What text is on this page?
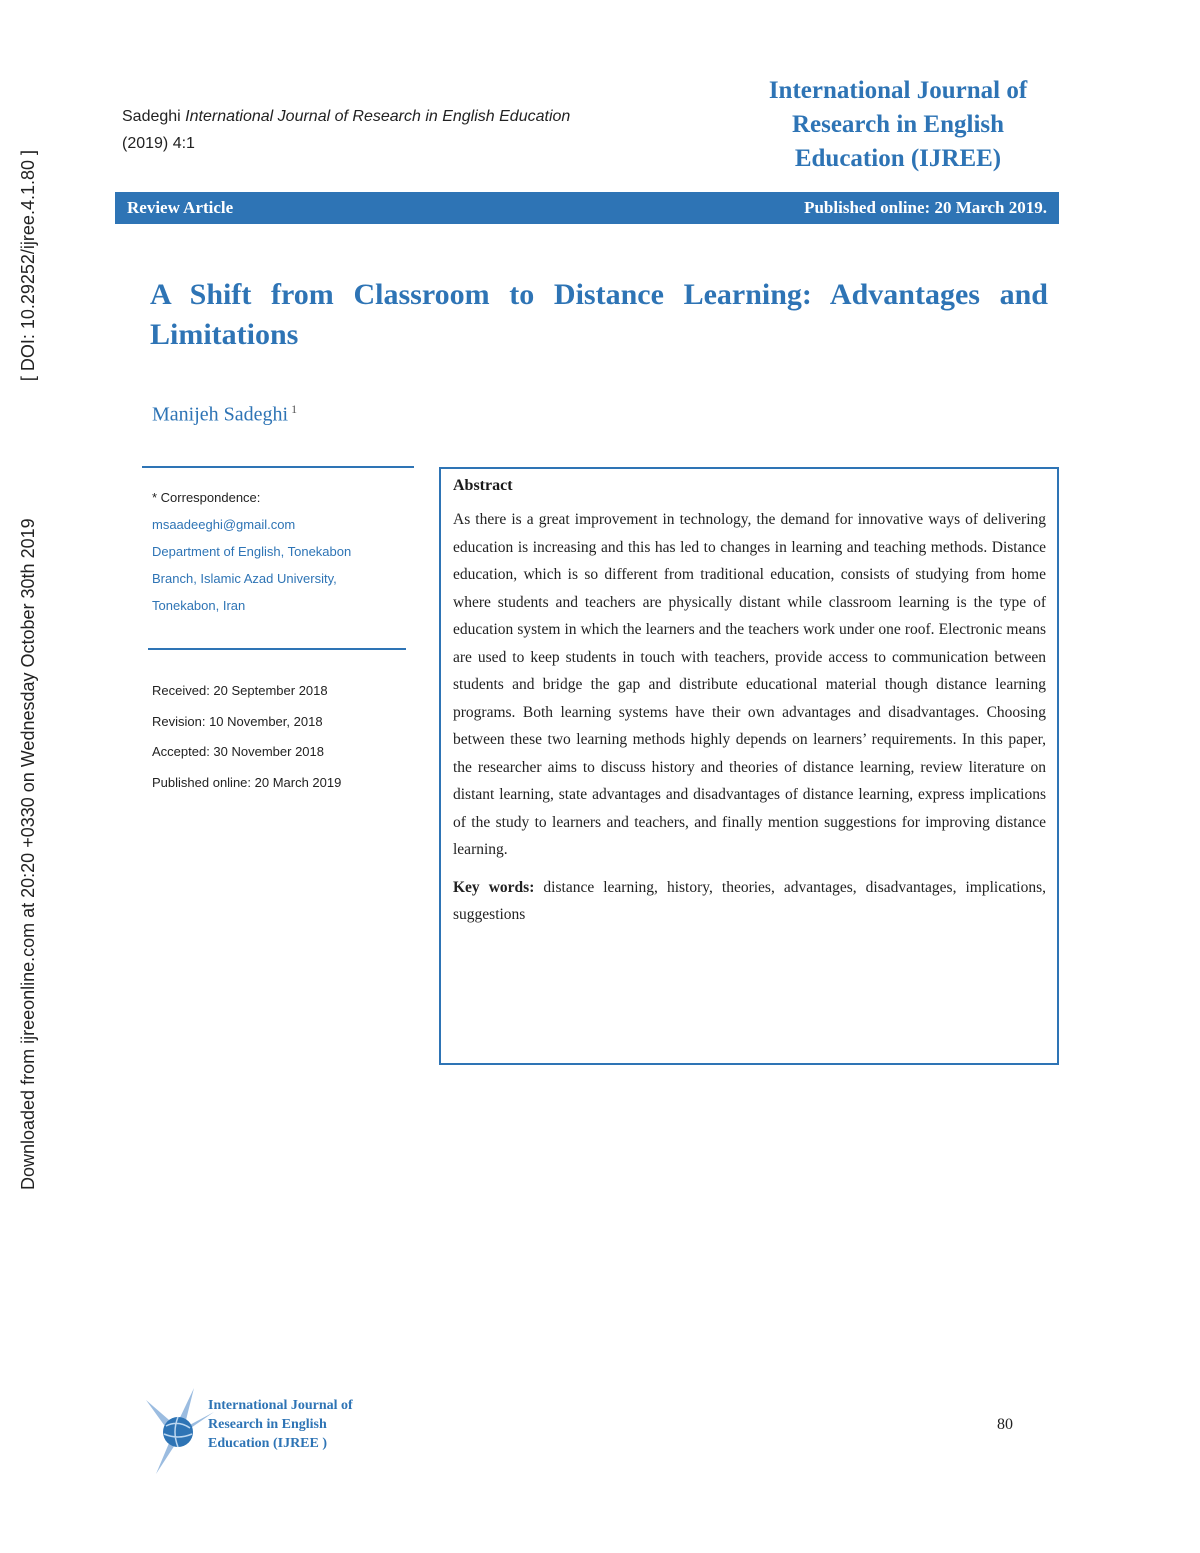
Downloaded from ijreeonline.com at 20:20 +0330 on Wednesday October 30th 2019
[ DOI: 10.29252/ijree.4.1.80 ]
Sadeghi International Journal of Research in English Education
(2019) 4:1
International Journal of
Research in English
Education (IJREE)
Review Article	Published online: 20 March 2019.
A Shift from Classroom to Distance Learning: Advantages and Limitations
Manijeh Sadeghi $^1$
* Correspondence:
msaadeeghi@gmail.com
Department of English, Tonekabon
Branch, Islamic Azad University,
Tonekabon, Iran
Received: 20 September 2018
Revision: 10 November, 2018
Accepted: 30 November 2018
Published online: 20 March 2019
Abstract
As there is a great improvement in technology, the demand for innovative ways of delivering education is increasing and this has led to changes in learning and teaching methods. Distance education, which is so different from traditional education, consists of studying from home where students and teachers are physically distant while classroom learning is the type of education system in which the learners and the teachers work under one roof. Electronic means are used to keep students in touch with teachers, provide access to communication between students and bridge the gap and distribute educational material though distance learning programs. Both learning systems have their own advantages and disadvantages. Choosing between these two learning methods highly depends on learners’ requirements. In this paper, the researcher aims to discuss history and theories of distance learning, review literature on distant learning, state advantages and disadvantages of distance learning, express implications of the study to learners and teachers, and finally mention suggestions for improving distance learning.
Key words: distance learning, history, theories, advantages, disadvantages, implications, suggestions
International Journal of
Research in English
Education (IJREE )
80
